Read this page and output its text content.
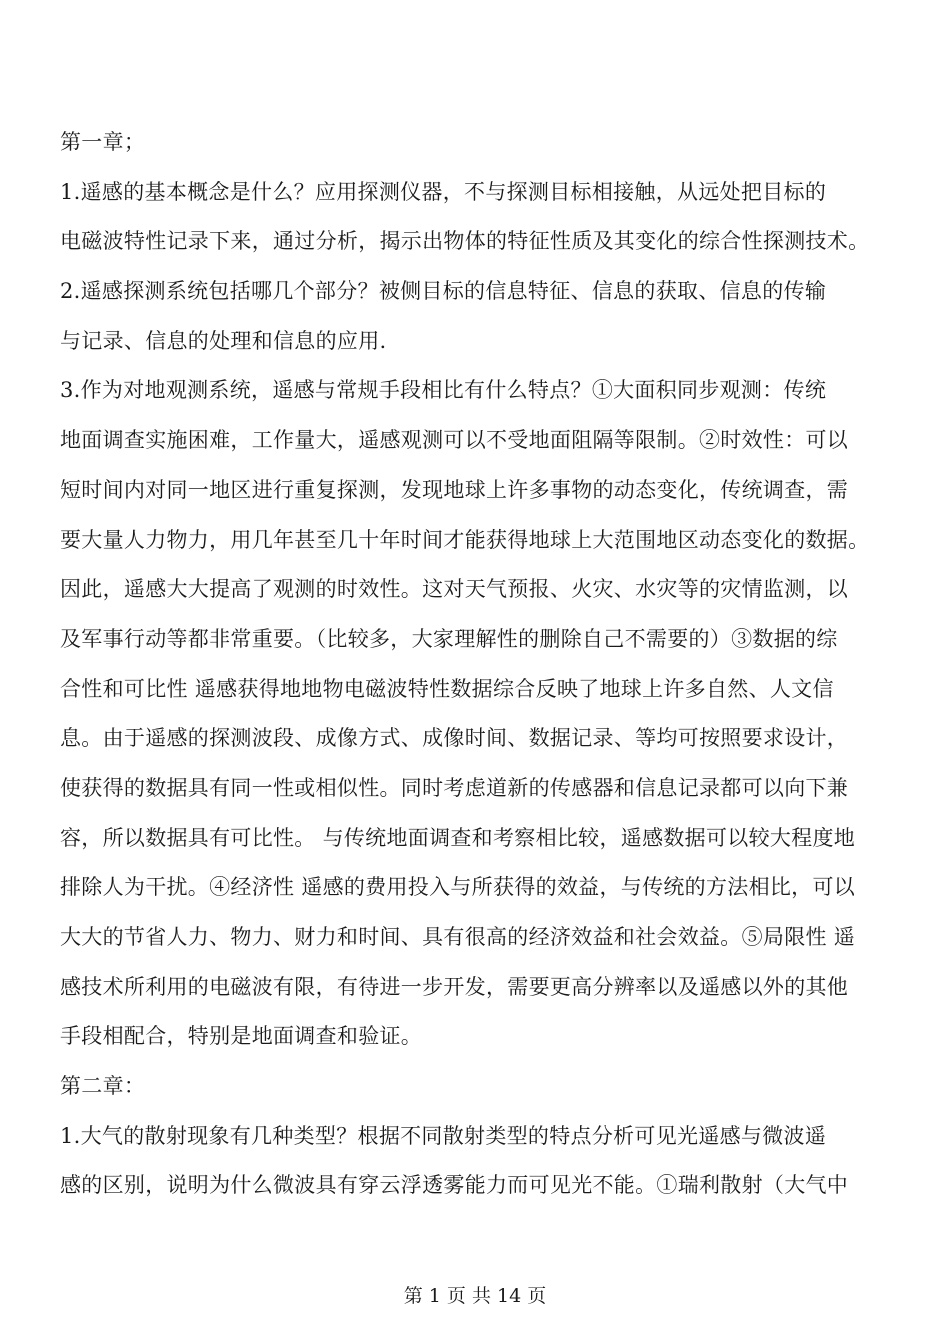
第一章；
1.遥感的基本概念是什么？应用探测仪器，不与探测目标相接触，从远处把目标的
电磁波特性记录下来，通过分析，揭示出物体的特征性质及其变化的综合性探测技术。
2.遥感探测系统包括哪几个部分？被侧目标的信息特征、信息的获取、信息的传输
与记录、信息的处理和信息的应用.
3.作为对地观测系统，遥感与常规手段相比有什么特点？①大面积同步观测：传统
地面调查实施困难，工作量大，遥感观测可以不受地面阻隔等限制。②时效性：可以
短时间内对同一地区进行重复探测，发现地球上许多事物的动态变化，传统调查，需
要大量人力物力，用几年甚至几十年时间才能获得地球上大范围地区动态变化的数据。
因此，遥感大大提高了观测的时效性。这对天气预报、火灾、水灾等的灾情监测，以
及军事行动等都非常重要。（比较多，大家理解性的删除自己不需要的）③数据的综
合性和可比性 遥感获得地地物电磁波特性数据综合反映了地球上许多自然、人文信
息。由于遥感的探测波段、成像方式、成像时间、数据记录、等均可按照要求设计，
使获得的数据具有同一性或相似性。同时考虑道新的传感器和信息记录都可以向下兼
容，所以数据具有可比性。 与传统地面调查和考察相比较，遥感数据可以较大程度地
排除人为干扰。④经济性 遥感的费用投入与所获得的效益，与传统的方法相比，可以
大大的节省人力、物力、财力和时间、具有很高的经济效益和社会效益。⑤局限性 遥
感技术所利用的电磁波有限，有待进一步开发，需要更高分辨率以及遥感以外的其他
手段相配合，特别是地面调查和验证。
第二章：
1.大气的散射现象有几种类型？根据不同散射类型的特点分析可见光遥感与微波遥
感的区别，说明为什么微波具有穿云浮透雾能力而可见光不能。①瑞利散射（大气中
第 1 页 共 14 页
